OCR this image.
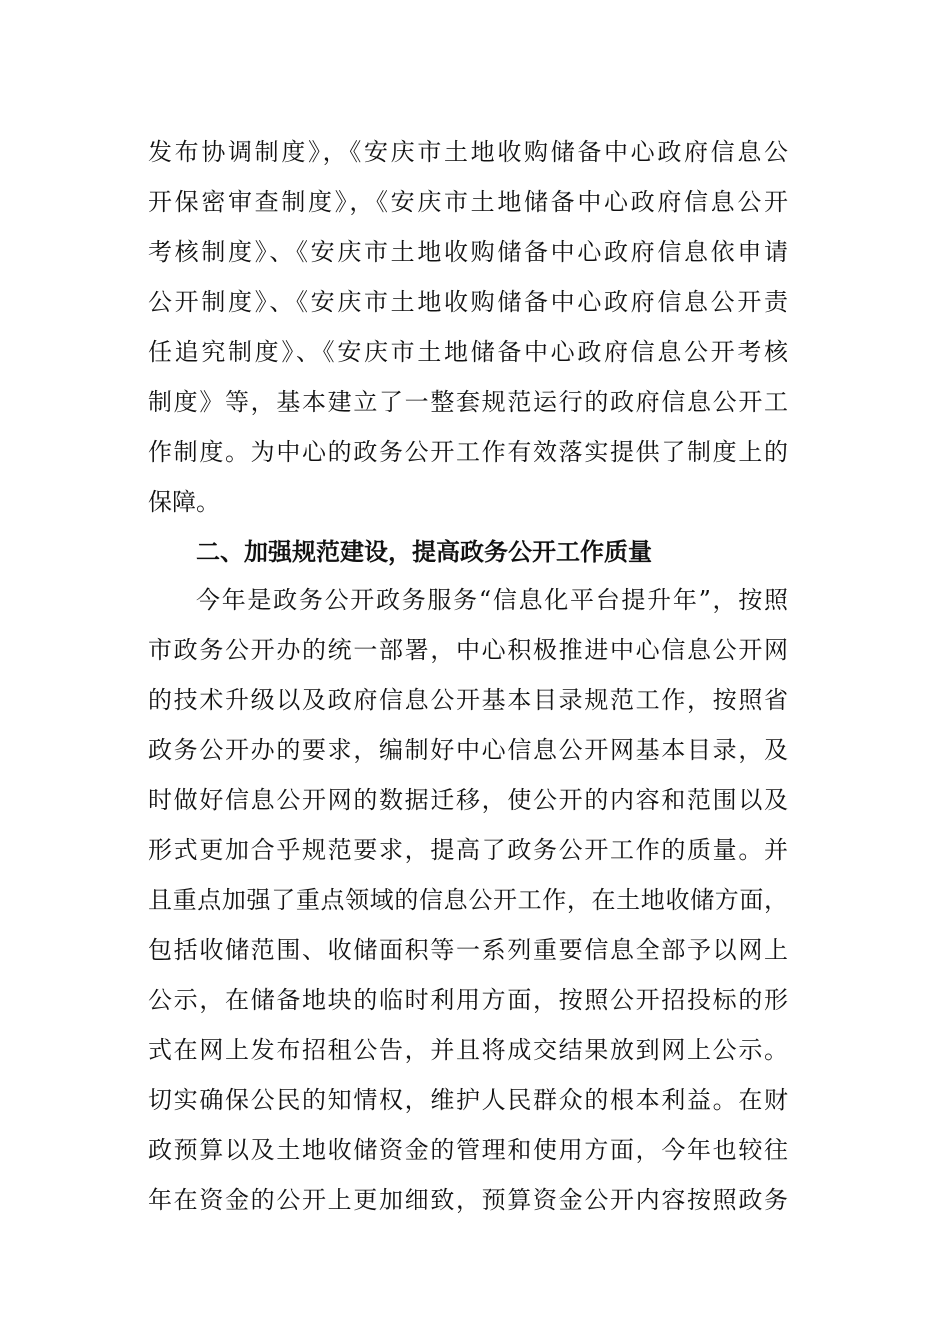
发布协调制度》，《安庆市土地收购储备中心政府信息公
开保密审查制度》，《安庆市土地储备中心政府信息公开
考核制度》、《安庆市土地收购储备中心政府信息依申请
公开制度》、《安庆市土地收购储备中心政府信息公开责
任追究制度》、《安庆市土地储备中心政府信息公开考核
制度》等，基本建立了一整套规范运行的政府信息公开工
作制度。为中心的政务公开工作有效落实提供了制度上的
保障。
二、加强规范建设，提高政务公开工作质量
今年是政务公开政务服务“信息化平台提升年”，按照
市政务公开办的统一部署，中心积极推进中心信息公开网
的技术升级以及政府信息公开基本目录规范工作，按照省
政务公开办的要求，编制好中心信息公开网基本目录，及
时做好信息公开网的数据迁移，使公开的内容和范围以及
形式更加合乎规范要求，提高了政务公开工作的质量。并
且重点加强了重点领域的信息公开工作，在土地收储方面，
包括收储范围、收储面积等一系列重要信息全部予以网上
公示，在储备地块的临时利用方面，按照公开招投标的形
式在网上发布招租公告，并且将成交结果放到网上公示。
切实确保公民的知情权，维护人民群众的根本利益。在财
政预算以及土地收储资金的管理和使用方面，今年也较往
年在资金的公开上更加细致，预算资金公开内容按照政务
